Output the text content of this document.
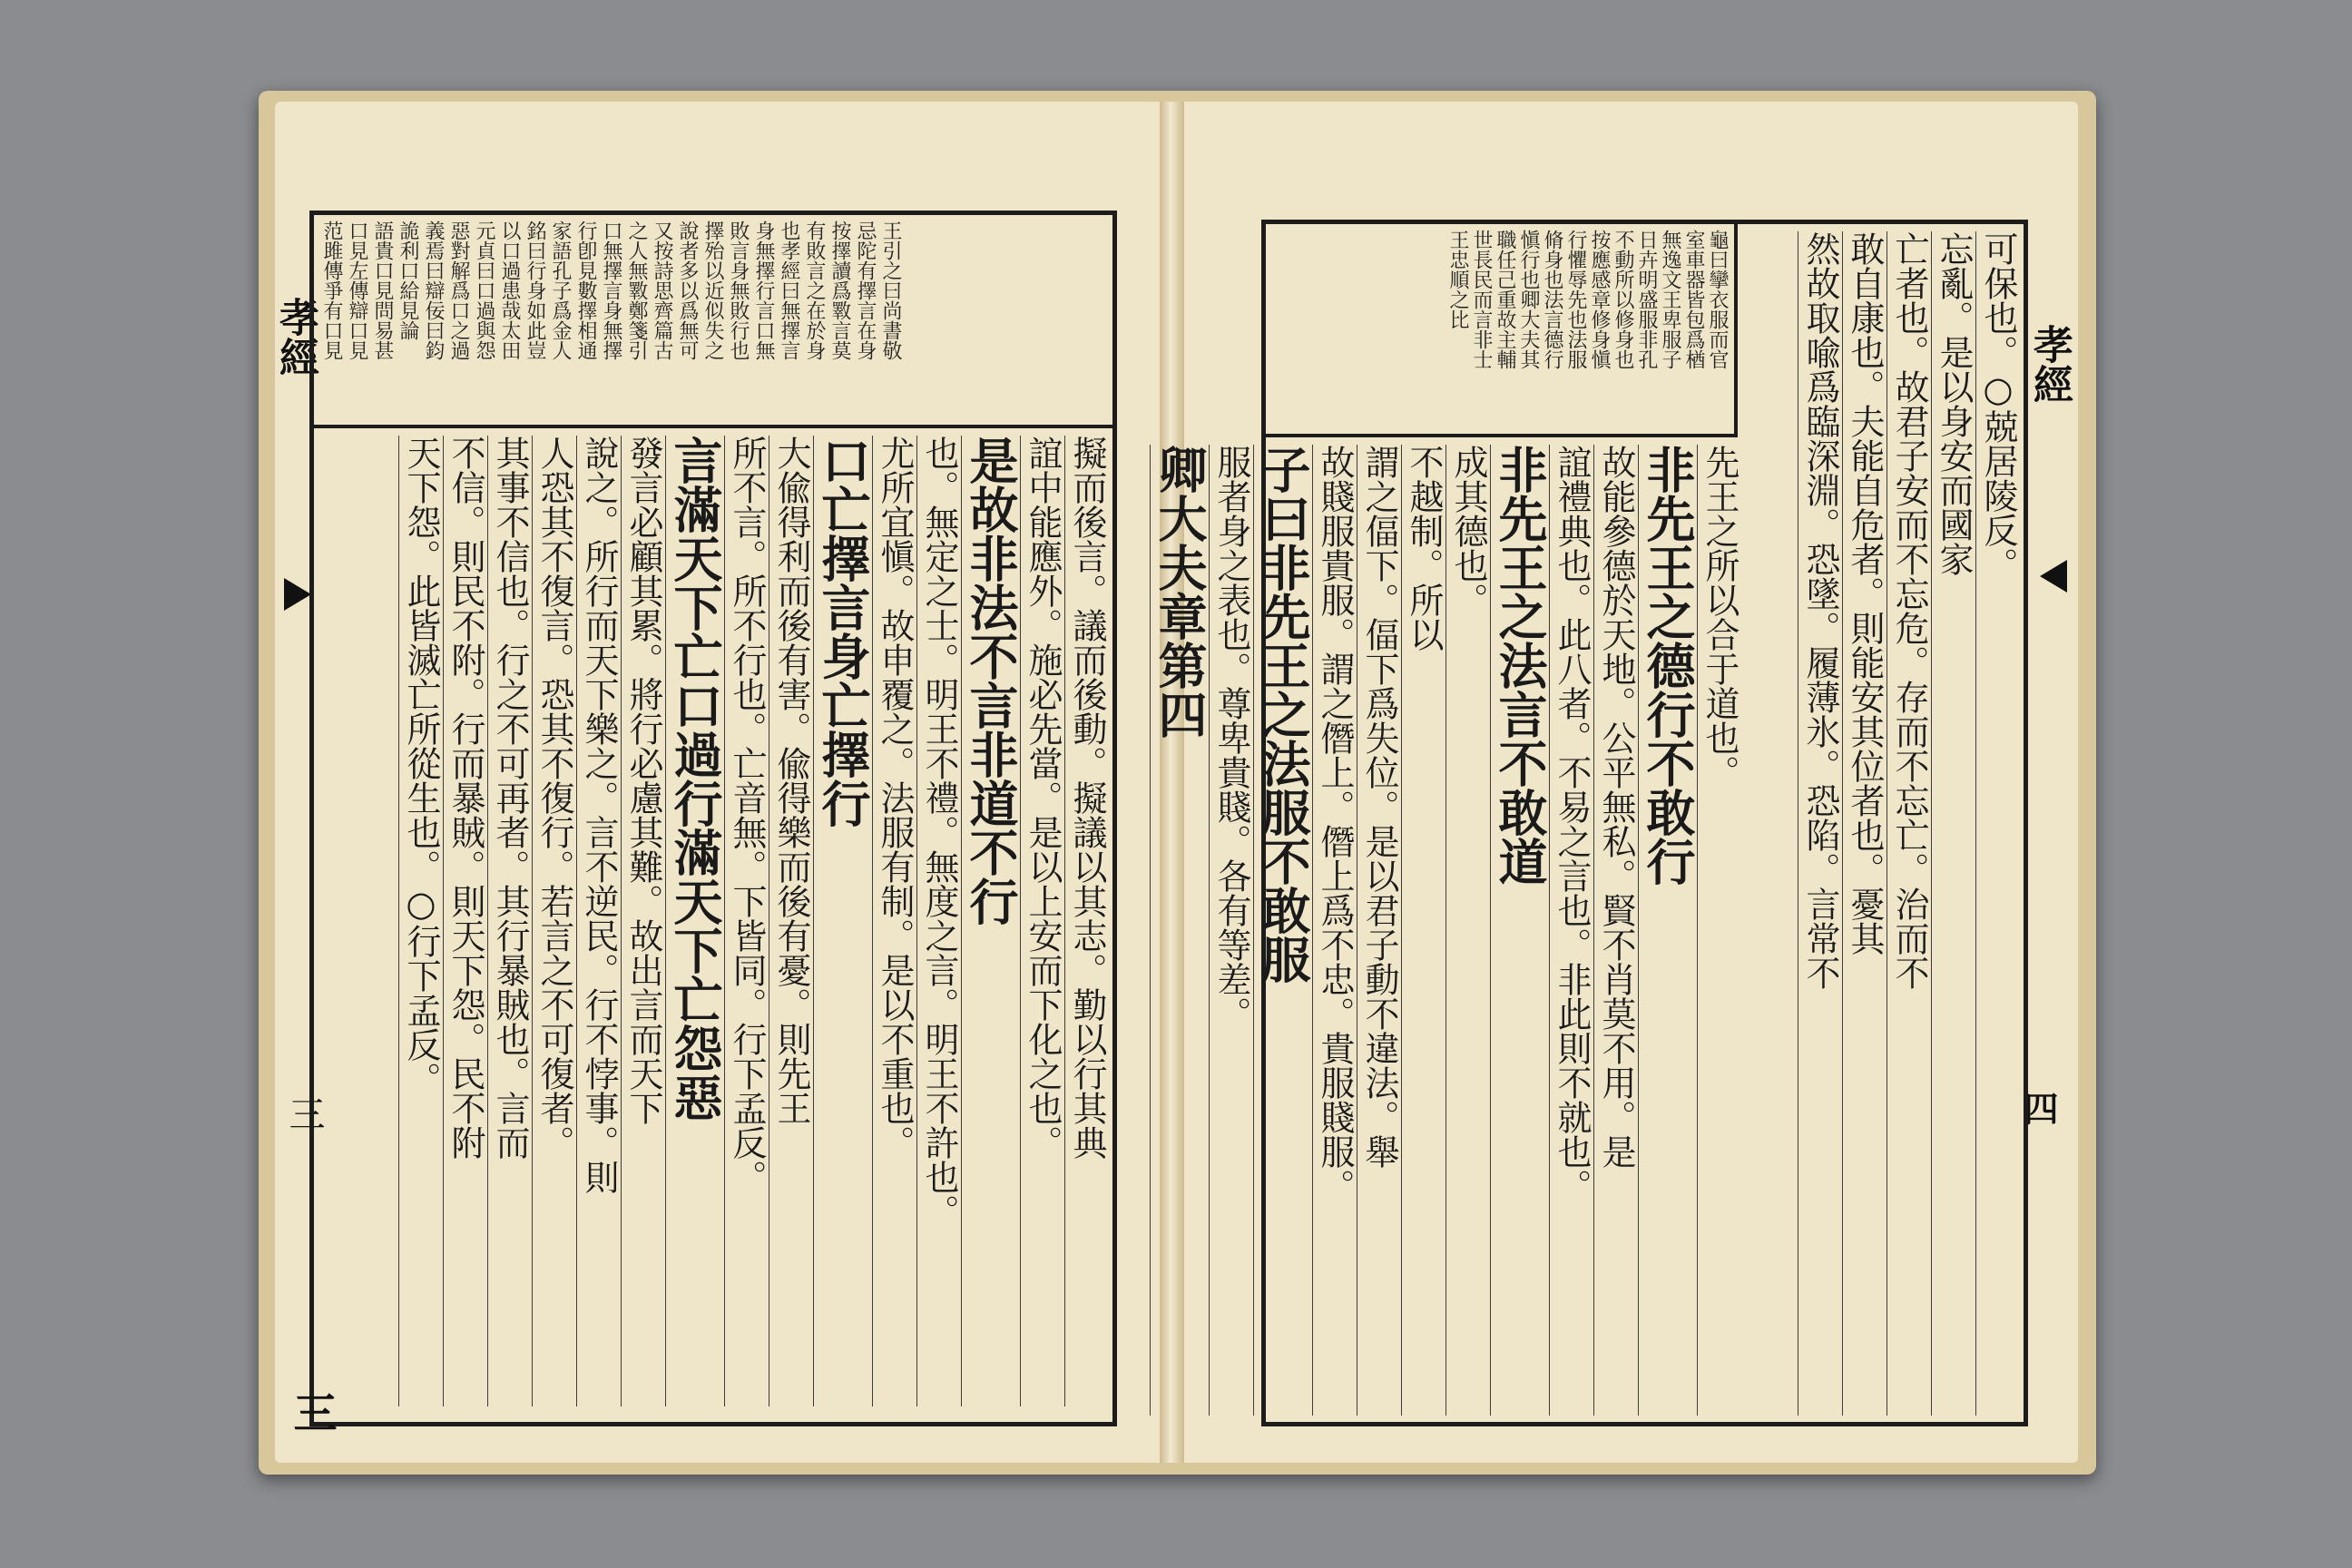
孝經
三
王引之曰尚書敬
忌陀有擇言在身
按擇讀爲斁言莫
有敗言之在於身
也孝經曰無擇言
身無擇行言口無
敗言身無敗行也
擇殆以近似失之
說者多以爲無可
又按詩思齊篇古
之人無斁鄭箋引
口無擇言身無擇
行卽見數擇相通
家語孔子爲金人
銘曰行身如此豈
以口過患哉太田
元貞曰口過與怨
惡對解爲口之過
義焉曰辯佞曰鈞
詭利口給見論
語貴口見問易甚
口見左傳辯口見
范雎傳爭有口見
擬而後言。議而後動。擬議以其志。勤以行其典
誼中能應外。施必先當。是以上安而下化之也。
是故非法不言非道不行
也。無定之士。明王不禮。無度之言。明王不許也。
尤所宜愼。故申覆之。法服有制。是以不重也。
口亡擇言身亡擇行
大偸得利而後有害。偸得樂而後有憂。則先王
所不言。所不行也。亡音無。下皆同。行下孟反。
言滿天下亡口過行滿天下亡怨惡
發言必顧其累。將行必慮其難。故出言而天下
說之。所行而天下樂之。言不逆民。行不悖事。則
人恐其不復言。恐其不復行。若言之不可復者。
其事不信也。行之不可再者。其行暴賊也。言而
不信。則民不附。行而暴賊。則天下怨。民不附
天下怨。此皆滅亡所從生也。○行下孟反。
三
孝經
四
龜曰攣衣服而官
室車器皆包爲楢
無逸文王卑服子
日卉明盛服非孔
不動所以修身也
按應感章修身愼
行懼辱先也法服
脩身也法言德行
愼行也卿大夫其
職任己重故主輔
世長民而言非士
王忠順之比
先王之所以合于道也。
非先王之德行不敢行
故能參德於天地。公平無私。賢不肖莫不用。是
誼禮典也。此八者。不易之言也。非此則不就也。
非先王之法言不敢道
成其德也。
不越制。所以
謂之偪下。偪下爲失位。是以君子動不違法。舉
故賤服貴服。謂之僭上。僭上爲不忠。貴服賤服。
子曰非先王之法服不敢服
服者身之表也。尊卑貴賤。各有等差。
卿大夫章第四
可保也。○兢居陵反。
忘亂。是以身安而國家
亡者也。故君子安而不忘危。存而不忘亡。治而不
敢自康也。夫能自危者。則能安其位者也。憂其
然故取喩爲臨深淵。恐墜。履薄氷。恐陷。言常不
